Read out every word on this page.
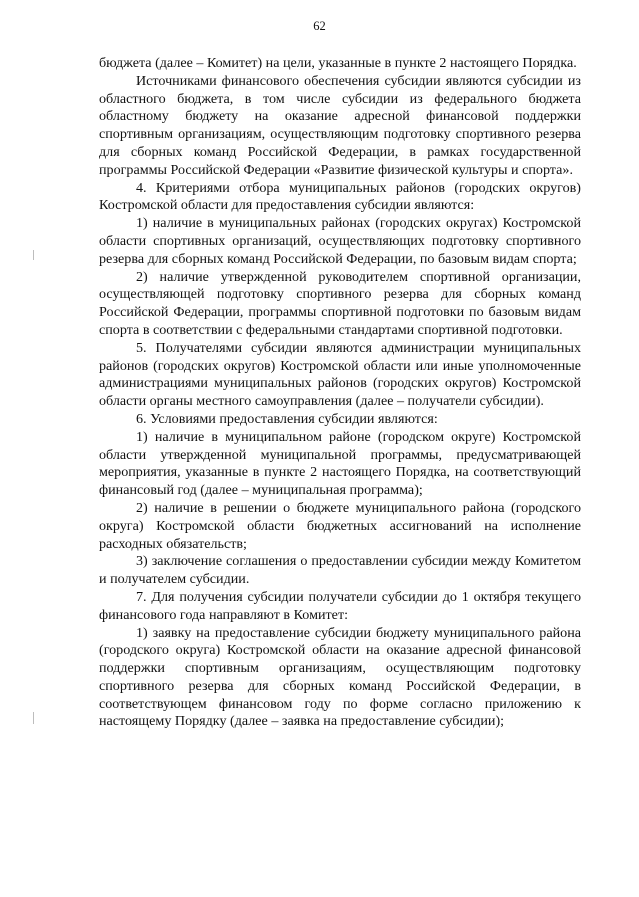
62

бюджета (далее – Комитет) на цели, указанные в пункте 2 настоящего Порядка.

Источниками финансового обеспечения субсидии являются субсидии из областного бюджета, в том числе субсидии из федерального бюджета областному бюджету на оказание адресной финансовой поддержки спортивным организациям, осуществляющим подготовку спортивного резерва для сборных команд Российской Федерации, в рамках государственной программы Российской Федерации «Развитие физической культуры и спорта».

4. Критериями отбора муниципальных районов (городских округов) Костромской области для предоставления субсидии являются:

1) наличие в муниципальных районах (городских округах) Костромской области спортивных организаций, осуществляющих подготовку спортивного резерва для сборных команд Российской Федерации, по базовым видам спорта;

2) наличие утвержденной руководителем спортивной организации, осуществляющей подготовку спортивного резерва для сборных команд Российской Федерации, программы спортивной подготовки по базовым видам спорта в соответствии с федеральными стандартами спортивной подготовки.

5. Получателями субсидии являются администрации муниципальных районов (городских округов) Костромской области или иные уполномоченные администрациями муниципальных районов (городских округов) Костромской области органы местного самоуправления (далее – получатели субсидии).

6. Условиями предоставления субсидии являются:

1) наличие в муниципальном районе (городском округе) Костромской области утвержденной муниципальной программы, предусматривающей мероприятия, указанные в пункте 2 настоящего Порядка, на соответствующий финансовый год (далее – муниципальная программа);

2) наличие в решении о бюджете муниципального района (городского округа) Костромской области бюджетных ассигнований на исполнение расходных обязательств;

3) заключение соглашения о предоставлении субсидии между Комитетом и получателем субсидии.

7. Для получения субсидии получатели субсидии до 1 октября текущего финансового года направляют в Комитет:

1) заявку на предоставление субсидии бюджету муниципального района (городского округа) Костромской области на оказание адресной финансовой поддержки спортивным организациям, осуществляющим подготовку спортивного резерва для сборных команд Российской Федерации, в соответствующем финансовом году по форме согласно приложению к настоящему Порядку (далее – заявка на предоставление субсидии);
